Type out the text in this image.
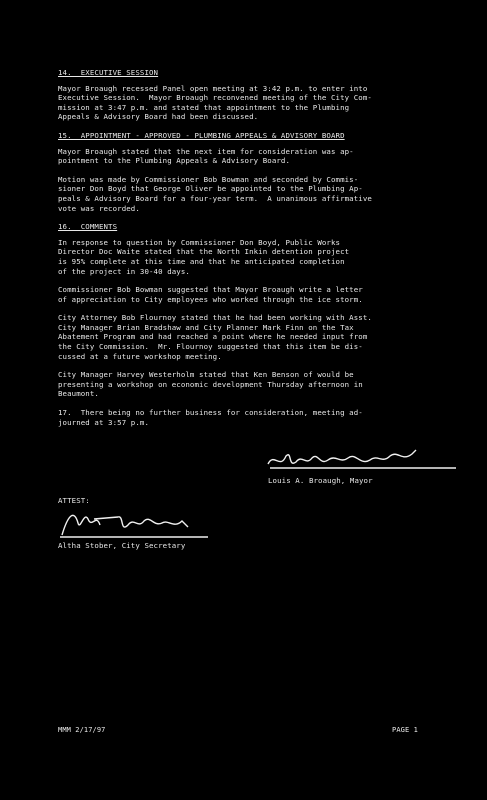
14.  EXECUTIVE SESSION
Mayor Broaugh recessed Panel open meeting at 3:42 p.m. to enter into
Executive Session.  Mayor Broaugh reconvened meeting of the City Com-
mission at 3:47 p.m. and stated that appointment to the Plumbing
Appeals & Advisory Board had been discussed.
15.  APPOINTMENT - APPROVED - PLUMBING APPEALS & ADVISORY BOARD
Mayor Broaugh stated that the next item for consideration was ap-
pointment to the Plumbing Appeals & Advisory Board.
Motion was made by Commissioner Bob Bowman and seconded by Commis-
sioner Don Boyd that George Oliver be appointed to the Plumbing Ap-
peals & Advisory Board for a four-year term.  A unanimous affirmative
vote was recorded.
16.  COMMENTS
In response to question by Commissioner Don Boyd, Public Works
Director Doc Waite stated that the North Inkin detention project
is 95% complete at this time and that he anticipated completion
of the project in 30-40 days.
Commissioner Bob Bowman suggested that Mayor Broaugh write a letter
of appreciation to City employees who worked through the ice storm.
City Attorney Bob Flournoy stated that he had been working with Asst.
City Manager Brian Bradshaw and City Planner Mark Finn on the Tax
Abatement Program and had reached a point where he needed input from
the City Commission.  Mr. Flournoy suggested that this item be dis-
cussed at a future workshop meeting.
City Manager Harvey Westerholm stated that Ken Benson of would be
presenting a workshop on economic development Thursday afternoon in
Beaumont.
17.  There being no further business for consideration, meeting ad-
journed at 3:57 p.m.
Louis A. Broaugh, Mayor
ATTEST:
Altha Stober, City Secretary
MMM 2/17/97	PAGE 1
